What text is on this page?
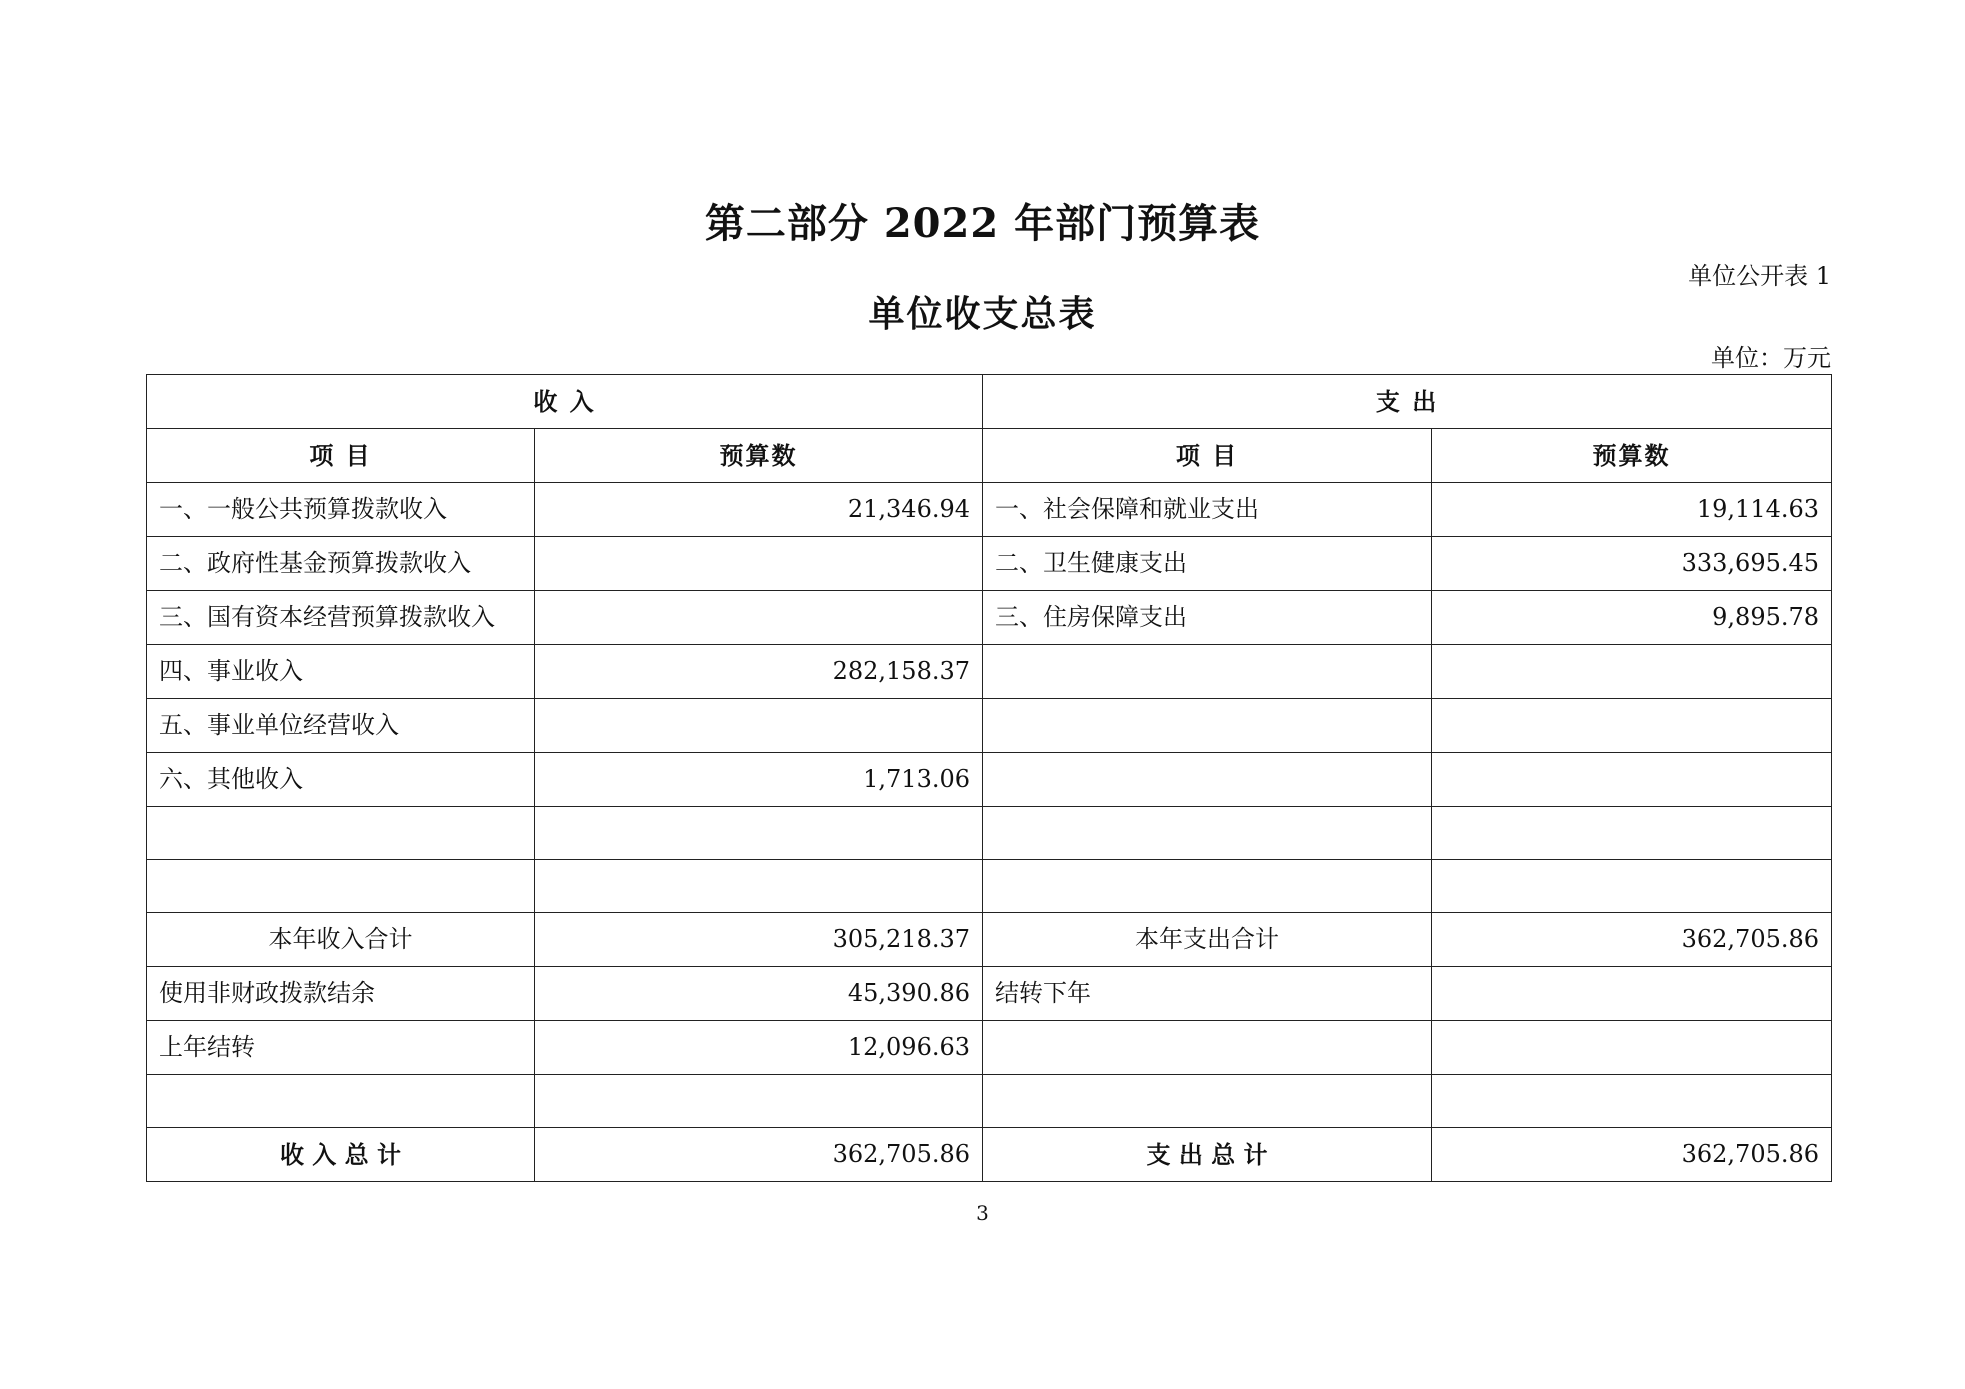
第二部分 2022 年部门预算表
单位公开表 1
单位收支总表
单位：万元
收 入		支 出	
项 目	预算数	项 目	预算数
一、一般公共预算拨款收入	21,346.94	一、社会保障和就业支出	19,114.63
二、政府性基金预算拨款收入		二、卫生健康支出	333,695.45
三、国有资本经营预算拨款收入		三、住房保障支出	9,895.78
四、事业收入	282,158.37		
五、事业单位经营收入			
六、其他收入	1,713.06		

本年收入合计	305,218.37	本年支出合计	362,705.86
使用非财政拨款结余	45,390.86	结转下年	
上年结转	12,096.63		

收 入 总 计	362,705.86	支 出 总 计	362,705.86
3
